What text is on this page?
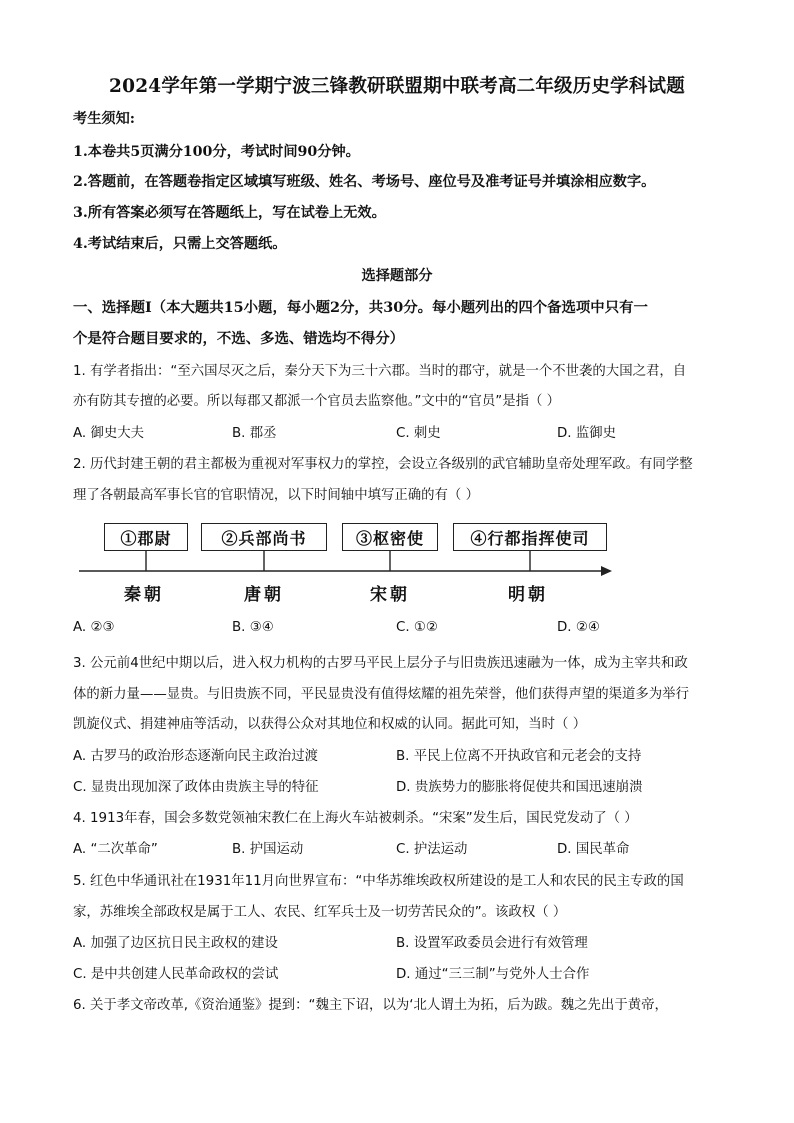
2024学年第一学期宁波三锋教研联盟期中联考高二年级历史学科试题
考生须知:
1.本卷共5页满分100分，考试时间90分钟。
2.答题前，在答题卷指定区域填写班级、姓名、考场号、座位号及准考证号并填涂相应数字。
3.所有答案必须写在答题纸上，写在试卷上无效。
4.考试结束后，只需上交答题纸。
选择题部分
一、选择题Ⅰ（本大题共15小题，每小题2分，共30分。每小题列出的四个备选项中只有一
个是符合题目要求的，不选、多选、错选均不得分）
1. 有学者指出：“至六国尽灭之后，秦分天下为三十六郡。当时的郡守，就是一个不世袭的大国之君，自
亦有防其专擅的必要。所以每郡又都派一个官员去监察他。”文中的“官员”是指（ ）
A. 御史大夫	B. 郡丞	C. 刺史	D. 监御史
2. 历代封建王朝的君主都极为重视对军事权力的掌控，会设立各级别的武官辅助皇帝处理军政。有同学整
理了各朝最高军事长官的官职情况，以下时间轴中填写正确的有（ ）
①郡尉	②兵部尚书	③枢密使	④行都指挥使司
秦朝	唐朝	宋朝	明朝
A. ②③	B. ③④	C. ①②	D. ②④
3. 公元前4世纪中期以后，进入权力机构的古罗马平民上层分子与旧贵族迅速融为一体，成为主宰共和政
体的新力量——显贵。与旧贵族不同，平民显贵没有值得炫耀的祖先荣誉，他们获得声望的渠道多为举行
凯旋仪式、捐建神庙等活动，以获得公众对其地位和权威的认同。据此可知，当时（ ）
A. 古罗马的政治形态逐渐向民主政治过渡	B. 平民上位离不开执政官和元老会的支持
C. 显贵出现加深了政体由贵族主导的特征	D. 贵族势力的膨胀将促使共和国迅速崩溃
4. 1913年春，国会多数党领袖宋教仁在上海火车站被刺杀。“宋案”发生后，国民党发动了（ ）
A. “二次革命”	B. 护国运动	C. 护法运动	D. 国民革命
5. 红色中华通讯社在1931年11月向世界宣布：“中华苏维埃政权所建设的是工人和农民的民主专政的国
家，苏维埃全部政权是属于工人、农民、红军兵士及一切劳苦民众的”。该政权（ ）
A. 加强了边区抗日民主政权的建设	B. 设置军政委员会进行有效管理
C. 是中共创建人民革命政权的尝试	D. 通过“三三制”与党外人士合作
6. 关于孝文帝改革,《资治通鉴》提到：“魏主下诏，以为‘北人谓土为拓，后为跋。魏之先出于黄帝，
